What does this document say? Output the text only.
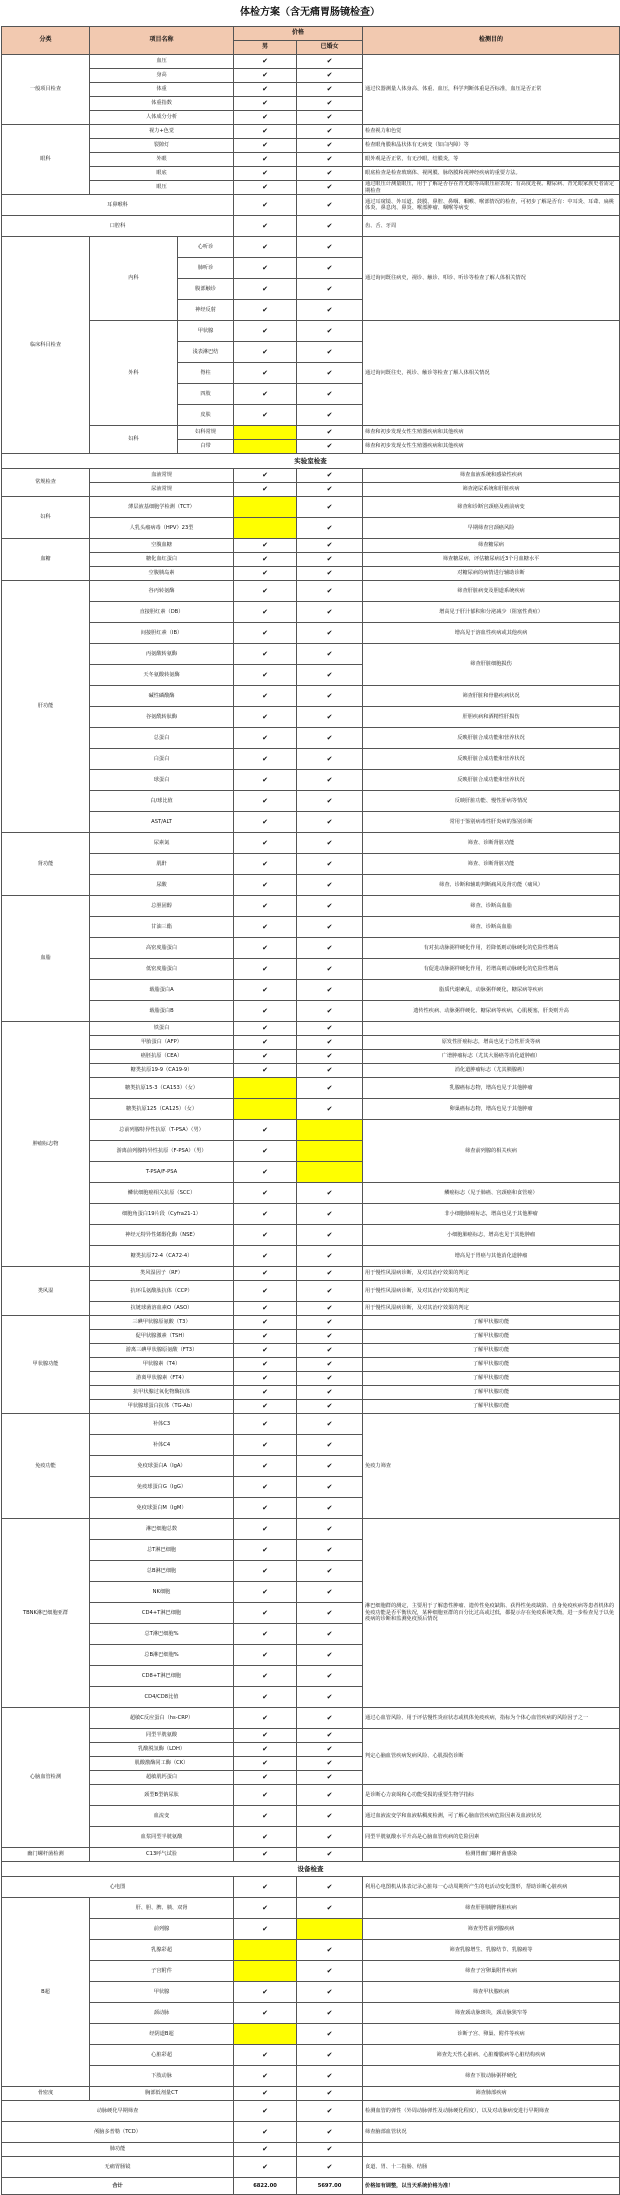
体检方案（含无痛胃肠镜检查）
分类	项目名称		价格		检测目的
			男	已婚女	
一般项目检查	血压		✔	✔	通过仪器测量人体身高、体重、血压，科学判断体重是否标准，血压是否正常
	身高		✔	✔	
	体重		✔	✔	
	体重指数		✔	✔	
	人体成分分析		✔	✔	
眼科	视力+色觉		✔	✔	检查视力和色觉
	裂隙灯		✔	✔	检查眼角膜和晶状体有无病变（如白内障）等
	外眼		✔	✔	眼外观是否正常，有无沙眼，结膜炎，等
	眼底		✔	✔	眼底检查是检查玻璃体、视网膜、脉络膜和视神经疾病的重要方法。
	眼压		✔	✔	通过眼压计测量眼压，用于了解是否存在青光眼等高眼压症表现；有高度近视、糖尿病、青光眼家族史者需定期检查
耳鼻喉科			✔	✔	通过耳窥镜、外耳道、鼓膜、鼻腔、鼻咽、咽喉、喉部情况的检查，可初步了解是否有：中耳炎、耳聋、扁桃体炎、鼻息肉、鼻炎、喉部肿瘤、咽喉等病变
口腔科			✔	✔	齿、舌、牙周
临床科目检查	内科	心听诊	✔	✔	通过询问既往病史，视诊、触诊、叩诊、听诊等检查了解人体相关情况
		肺听诊	✔	✔	
		腹部触诊	✔	✔	
		神经反射	✔	✔	
	外科	甲状腺	✔	✔	通过询问既往史，视诊、触诊等检查了解人体相关情况
		浅表淋巴结	✔	✔	
		脊柱	✔	✔	
		四肢	✔	✔	
		皮肤	✔	✔	
	妇科	妇科常规		✔	筛查和初步发现女性生殖器疾病和其他疾病
		白带		✔	筛查和初步发现女性生殖器疾病和其他疾病
实验室检查					
常规检查	血液常规		✔	✔	筛查血液系统和感染性疾病
	尿液常规		✔	✔	筛查泌尿系统和肝脏疾病
妇科	薄层液基细胞学检测（TCT）			✔	筛查和诊断宫颈癌及癌前病变
	人乳头瘤病毒（HPV）23型			✔	早期筛查宫颈癌风险
血糖	空腹血糖		✔	✔	筛查糖尿病
	糖化血红蛋白		✔	✔	筛查糖尿病，评估糖尿病近3个月血糖水平
	空腹胰岛素		✔	✔	对糖尿病的病情进行辅助诊断
肝功能	谷丙转氨酶		✔	✔	筛查肝脏病变及胆道系统疾病
	直接胆红素（DB）		✔	✔	增高见于肝汁郁积和分泌减少（阻塞性黄疸）
	间接胆红素（IB）		✔	✔	增高见于溶血性疾病或其他疾病
	丙氨酸转氨酶		✔	✔	筛查肝脏细胞损伤
	天冬氨酸转氨酶		✔	✔	
	碱性磷酸酶		✔	✔	筛查肝脏和骨骼疾病状况
	谷氨酰转肽酶		✔	✔	肝胆疾病和酒精性肝损伤
	总蛋白		✔	✔	反映肝脏合成功能和营养状况
	白蛋白		✔	✔	反映肝脏合成功能和营养状况
	球蛋白		✔	✔	反映肝脏合成功能和营养状况
	白/球比值		✔	✔	反映肝脏功能、慢性肝病等情况
	AST/ALT		✔	✔	常用于鉴别病毒性肝炎病的鉴别诊断
肾功能	尿素氮		✔	✔	筛查、诊断肾脏功能
	肌酐		✔	✔	筛查、诊断肾脏功能
	尿酸		✔	✔	筛查、诊断和辅助判断痛风及肾功能（痛风）
血脂	总胆固醇		✔	✔	筛查、诊断高血脂
	甘油三酯		✔	✔	筛查、诊断高血脂
	高密度脂蛋白		✔	✔	有对抗动脉粥样硬化作用，若降低则动脉硬化的危险性增高
	低密度脂蛋白		✔	✔	有促进动脉粥样硬化作用，若增高则动脉硬化的危险性增高
	载脂蛋白A		✔	✔	脂质代谢紊乱，动脉粥样硬化，糖尿病等疾病
	载脂蛋白B		✔	✔	遗传性疾病、动脉粥样硬化、糖尿病等疾病，心肌梗塞，肝炎则升高
肿瘤标志物	铁蛋白		✔	✔	
	甲胎蛋白（AFP）		✔	✔	原发性肝癌标志，增高也见于急性肝炎等病
	癌胚抗原（CEA）		✔	✔	广谱肿瘤标志（尤其大肠癌等消化道肿瘤）
	糖类抗原19-9（CA19-9）		✔	✔	消化道肿瘤标志（尤其胰腺癌）
	糖类抗原15-3（CA153）（女）			✔	乳腺癌标志物，增高也见于其他肿瘤
	糖类抗原125（CA125）（女）			✔	卵巢癌标志物，增高也见于其他肿瘤
	总前列腺特异性抗原（T-PSA）（男）		✔		筛查前列腺的相关疾病
	游离前列腺特异性抗原（F-PSA）（男）		✔		
	T-PSA/F-PSA		✔		
	鳞状细胞癌相关抗原（SCC）		✔	✔	鳞癌标志（见于肺癌、宫颈癌和食管癌）
	细胞角蛋白19片段（Cyfra21-1）		✔	✔	非小细胞肺癌标志，增高也见于其他肿瘤
	神经元特异性烯醇化酶（NSE）		✔	✔	小细胞肺癌标志，增高也见于其他肿瘤
	糖类抗原72-4（CA72-4）		✔	✔	增高见于胃癌与其他消化道肿瘤
类风湿	类风湿因子（RF）		✔	✔	用于慢性风湿病诊断，及对其治疗效果的判定
	抗环瓜氨酸肽抗体（CCP）		✔	✔	用于慢性风湿病诊断，及对其治疗效果的判定
	抗链球菌溶血素O（ASO）		✔	✔	用于慢性风湿病诊断，及对其治疗效果的判定
甲状腺功能	三碘甲状腺原氨酸（T3）		✔	✔	了解甲状腺功能
	促甲状腺激素（TSH）		✔	✔	了解甲状腺功能
	游离三碘甲状腺原氨酸（FT3）		✔	✔	了解甲状腺功能
	甲状腺素（T4）		✔	✔	了解甲状腺功能
	游离甲状腺素（FT4）		✔	✔	了解甲状腺功能
	抗甲状腺过氧化物酶抗体		✔	✔	了解甲状腺功能
	甲状腺球蛋白抗体（TG-Ab）		✔	✔	了解甲状腺功能
免疫功能	补体C3		✔	✔	免疫力筛查
	补体C4		✔	✔	
	免疫球蛋白A（IgA）		✔	✔	
	免疫球蛋白G（IgG）		✔	✔	
	免疫球蛋白M（IgM）		✔	✔	
TBNK淋巴细胞亚群	淋巴细胞总数		✔	✔	淋巴细胞群的测定，主要用于了解患性肿瘤、遗传性免疫缺陷、获得性免疫缺陷、自身免疫疾病等患者机体的免疫功能是否平衡状况，某种细胞亚群的百分比过高或过低，都提示存在免疫系统失衡，进一步检查见于以免疫病的诊断和监测免疫预后情况
	总T淋巴细胞		✔	✔	
	总B淋巴细胞		✔	✔	
	NK细胞		✔	✔	
	CD4+T淋巴细胞		✔	✔	
	总T淋巴细胞%		✔	✔	
	总B淋巴细胞%		✔	✔	
	CD8+T淋巴细胞		✔	✔	
	CD4/CD8比值		✔	✔	
心脑血管检测	超敏C反应蛋白（hs-CRP）		✔	✔	通过心血管风险、用于评估慢性炎症状态或机体免疫疾病，指标为个体心血管疾病的风险因子之一
	同型半胱氨酸		✔	✔	判定心脑血管疾病发病风险、心肌损伤诊断
	乳酸脱氢酶（LDH）		✔	✔	
	肌酸激酶同工酶（CK）		✔	✔	
	超敏肌钙蛋白		✔	✔	
	颈型B型钠尿肽		✔	✔	是诊断心力衰竭和心功能受损的重要生物学指标
	血流变		✔	✔	通过血液流变学和血液粘稠度检测，可了解心脑血管疾病危险因素及血液状况
	血浆同型半胱氨酸		✔	✔	同型半胱氨酸水平升高是心脑血管疾病的危险因素
幽门螺杆菌检测	C13呼气试验		✔	✔	检测胃幽门螺杆菌感染
设备检查					
心电图			✔	✔	利用心电图机从体表记录心脏每一心动周期所产生的电活动变化图形，帮助诊断心脏疾病
B超	肝、胆、脾、胰、双肾		✔	✔	筛查肝胆胰脾肾脏疾病
	前列腺		✔		筛查男性前列腺疾病
	乳腺彩超			✔	筛查乳腺增生、乳腺结节、乳腺癌等
	子宫附件			✔	筛查子宫卵巢附件疾病
	甲状腺		✔	✔	筛查甲状腺疾病
	颈动脉		✔	✔	筛查颈动脉斑块，颈动脉狭窄等
	经阴道B超			✔	诊断子宫、卵巢、附件等疾病
	心脏彩超		✔	✔	筛查先天性心脏病、心脏瓣膜病等心脏结构疾病
	下肢动脉		✔	✔	筛查下肢动脉粥样硬化
骨密度	胸部低剂量CT		✔	✔	筛查肺部疾病
动脉硬化早期筛查			✔	✔	检测血管的弹性（外周动脉弹性及动脉硬化程度），以及对动脉病变进行早期筛查
颅脑多普勒（TCD）			✔	✔	筛查脑部血管状况
肺功能			✔	✔	
无痛胃肠镜			✔	✔	食道、胃、十二指肠、结肠
合计			6822.00	5697.00	价格如有调整，以当天系统价格为准！
